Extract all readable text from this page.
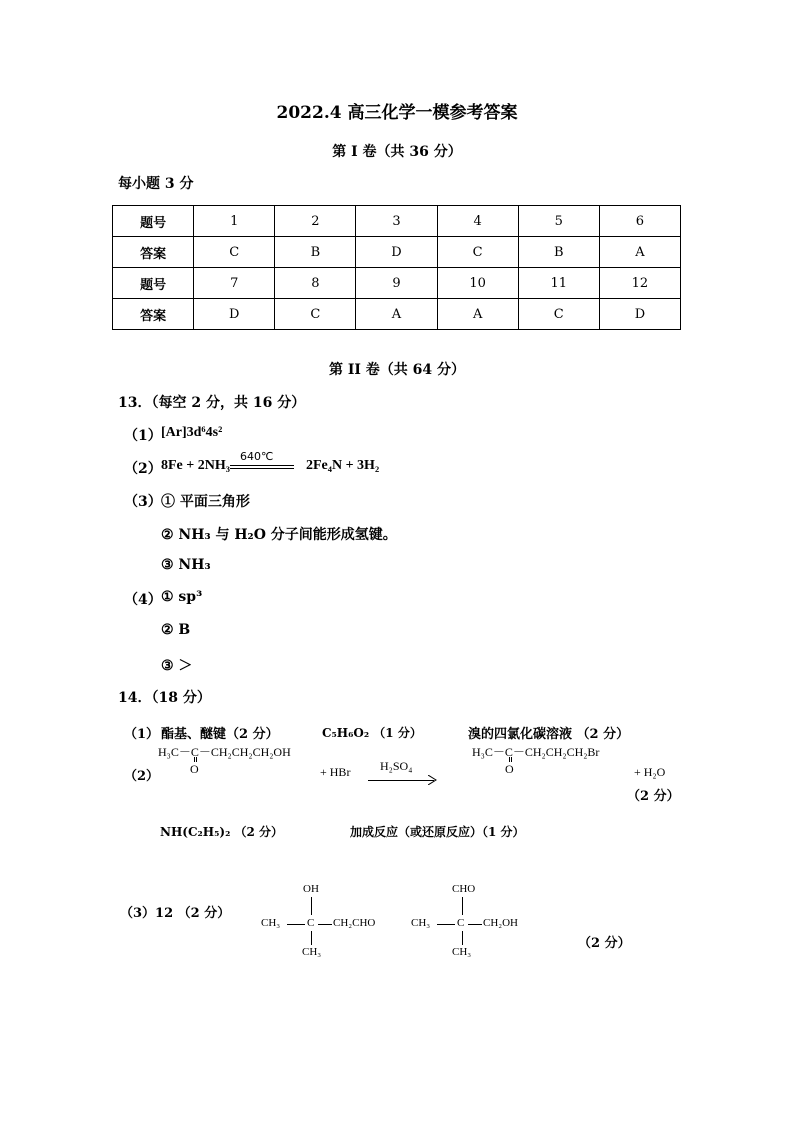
2022.4 高三化学一模参考答案
第 I 卷（共 36 分）
每小题 3 分
题号	1	2	3	4	5	6
答案	C	B	D	C	B	A
题号	7	8	9	10	11	12
答案	D	C	A	A	C	D
第 II 卷（共 64 分）
13．（每空 2 分，共 16 分）
（1） [Ar]3d⁶4s²
（2） 8Fe + 2NH₃
640℃
2Fe₄N + 3H₂
（3） ① 平面三角形
② NH₃ 与 H₂O 分子间能形成氢键。
③ NH₃
（4） ① sp³
② B
③ ＞
14．（18 分）
（1） 酯基、醚键（2 分）	C₅H₆O₂ （1 分）	溴的四氯化碳溶液 （2 分）
（2）
H₃C－C－CH₂CH₂CH₂OH
O	+ HBr H₂SO₄
H₃C－C－CH₂CH₂CH₂Br
O	+ H₂O
（2 分）
NH(C₂H₅)₂ （2 分）	加成反应（或还原反应）（1 分）
（3）12 （2 分）
OH
CH₃ C CH₂CHO
CH₃
CHO
CH₃ C CH₂OH
CH₃
（2 分）
